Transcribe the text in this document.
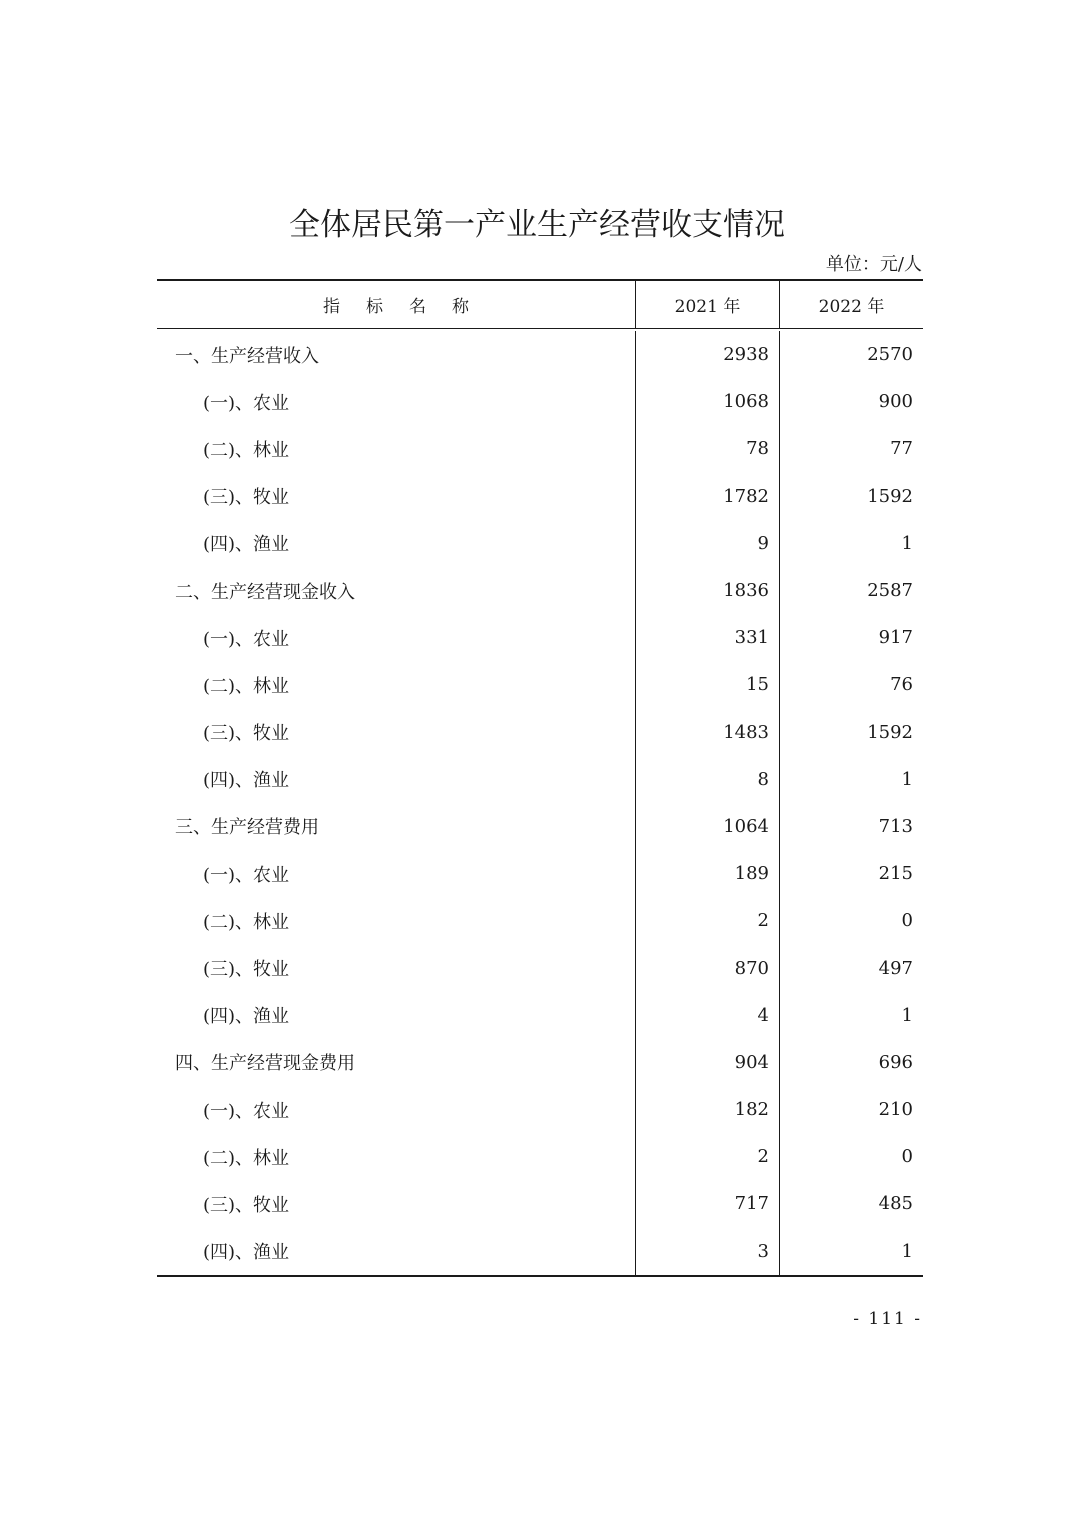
全体居民第一产业生产经营收支情况
单位：元/人
指标名称	2021 年	2022 年
一、生产经营收入	2938	2570
(一)、农业	1068	900
(二)、林业	78	77
(三)、牧业	1782	1592
(四)、渔业	9	1
二、生产经营现金收入	1836	2587
(一)、农业	331	917
(二)、林业	15	76
(三)、牧业	1483	1592
(四)、渔业	8	1
三、生产经营费用	1064	713
(一)、农业	189	215
(二)、林业	2	0
(三)、牧业	870	497
(四)、渔业	4	1
四、生产经营现金费用	904	696
(一)、农业	182	210
(二)、林业	2	0
(三)、牧业	717	485
(四)、渔业	3	1
- 111 -
